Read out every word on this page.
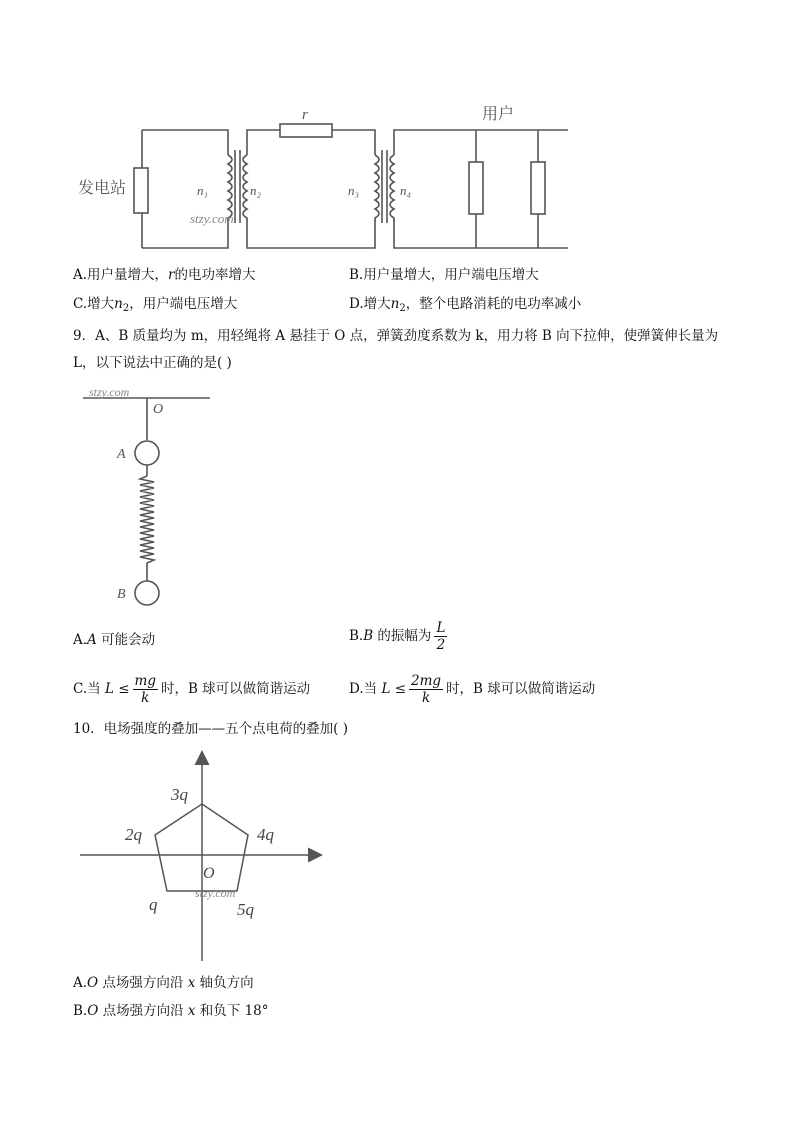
发电站
用户
r
n₁	n₂	n₃	n₄
stzy.com
A.用户量增大，r的电功率增大	B.用户量增大，用户端电压增大
C.增大$n_2$，用户端电压增大	D.增大$n_2$，整个电路消耗的电功率减小
9．A、B 质量均为 m，用轻绳将 A 悬挂于 O 点，弹簧劲度系数为 k，用力将 B 向下拉伸，使弹簧伸长量为
L，以下说法中正确的是( )
stzy.com
O
A
B
A.A 可能会动	B.B 的振幅为 $\frac{L}{2}$
C.当 $L \le \frac{mg}{k}$ 时，B 球可以做简谐运动	D.当 $L \le \frac{2mg}{k}$ 时，B 球可以做简谐运动
10．电场强度的叠加——五个点电荷的叠加( )
3q
2q	4q
O
stzy.com
q	5q
A.O 点场强方向沿 x 轴负方向
B.O 点场强方向沿 x 和负下 18°
